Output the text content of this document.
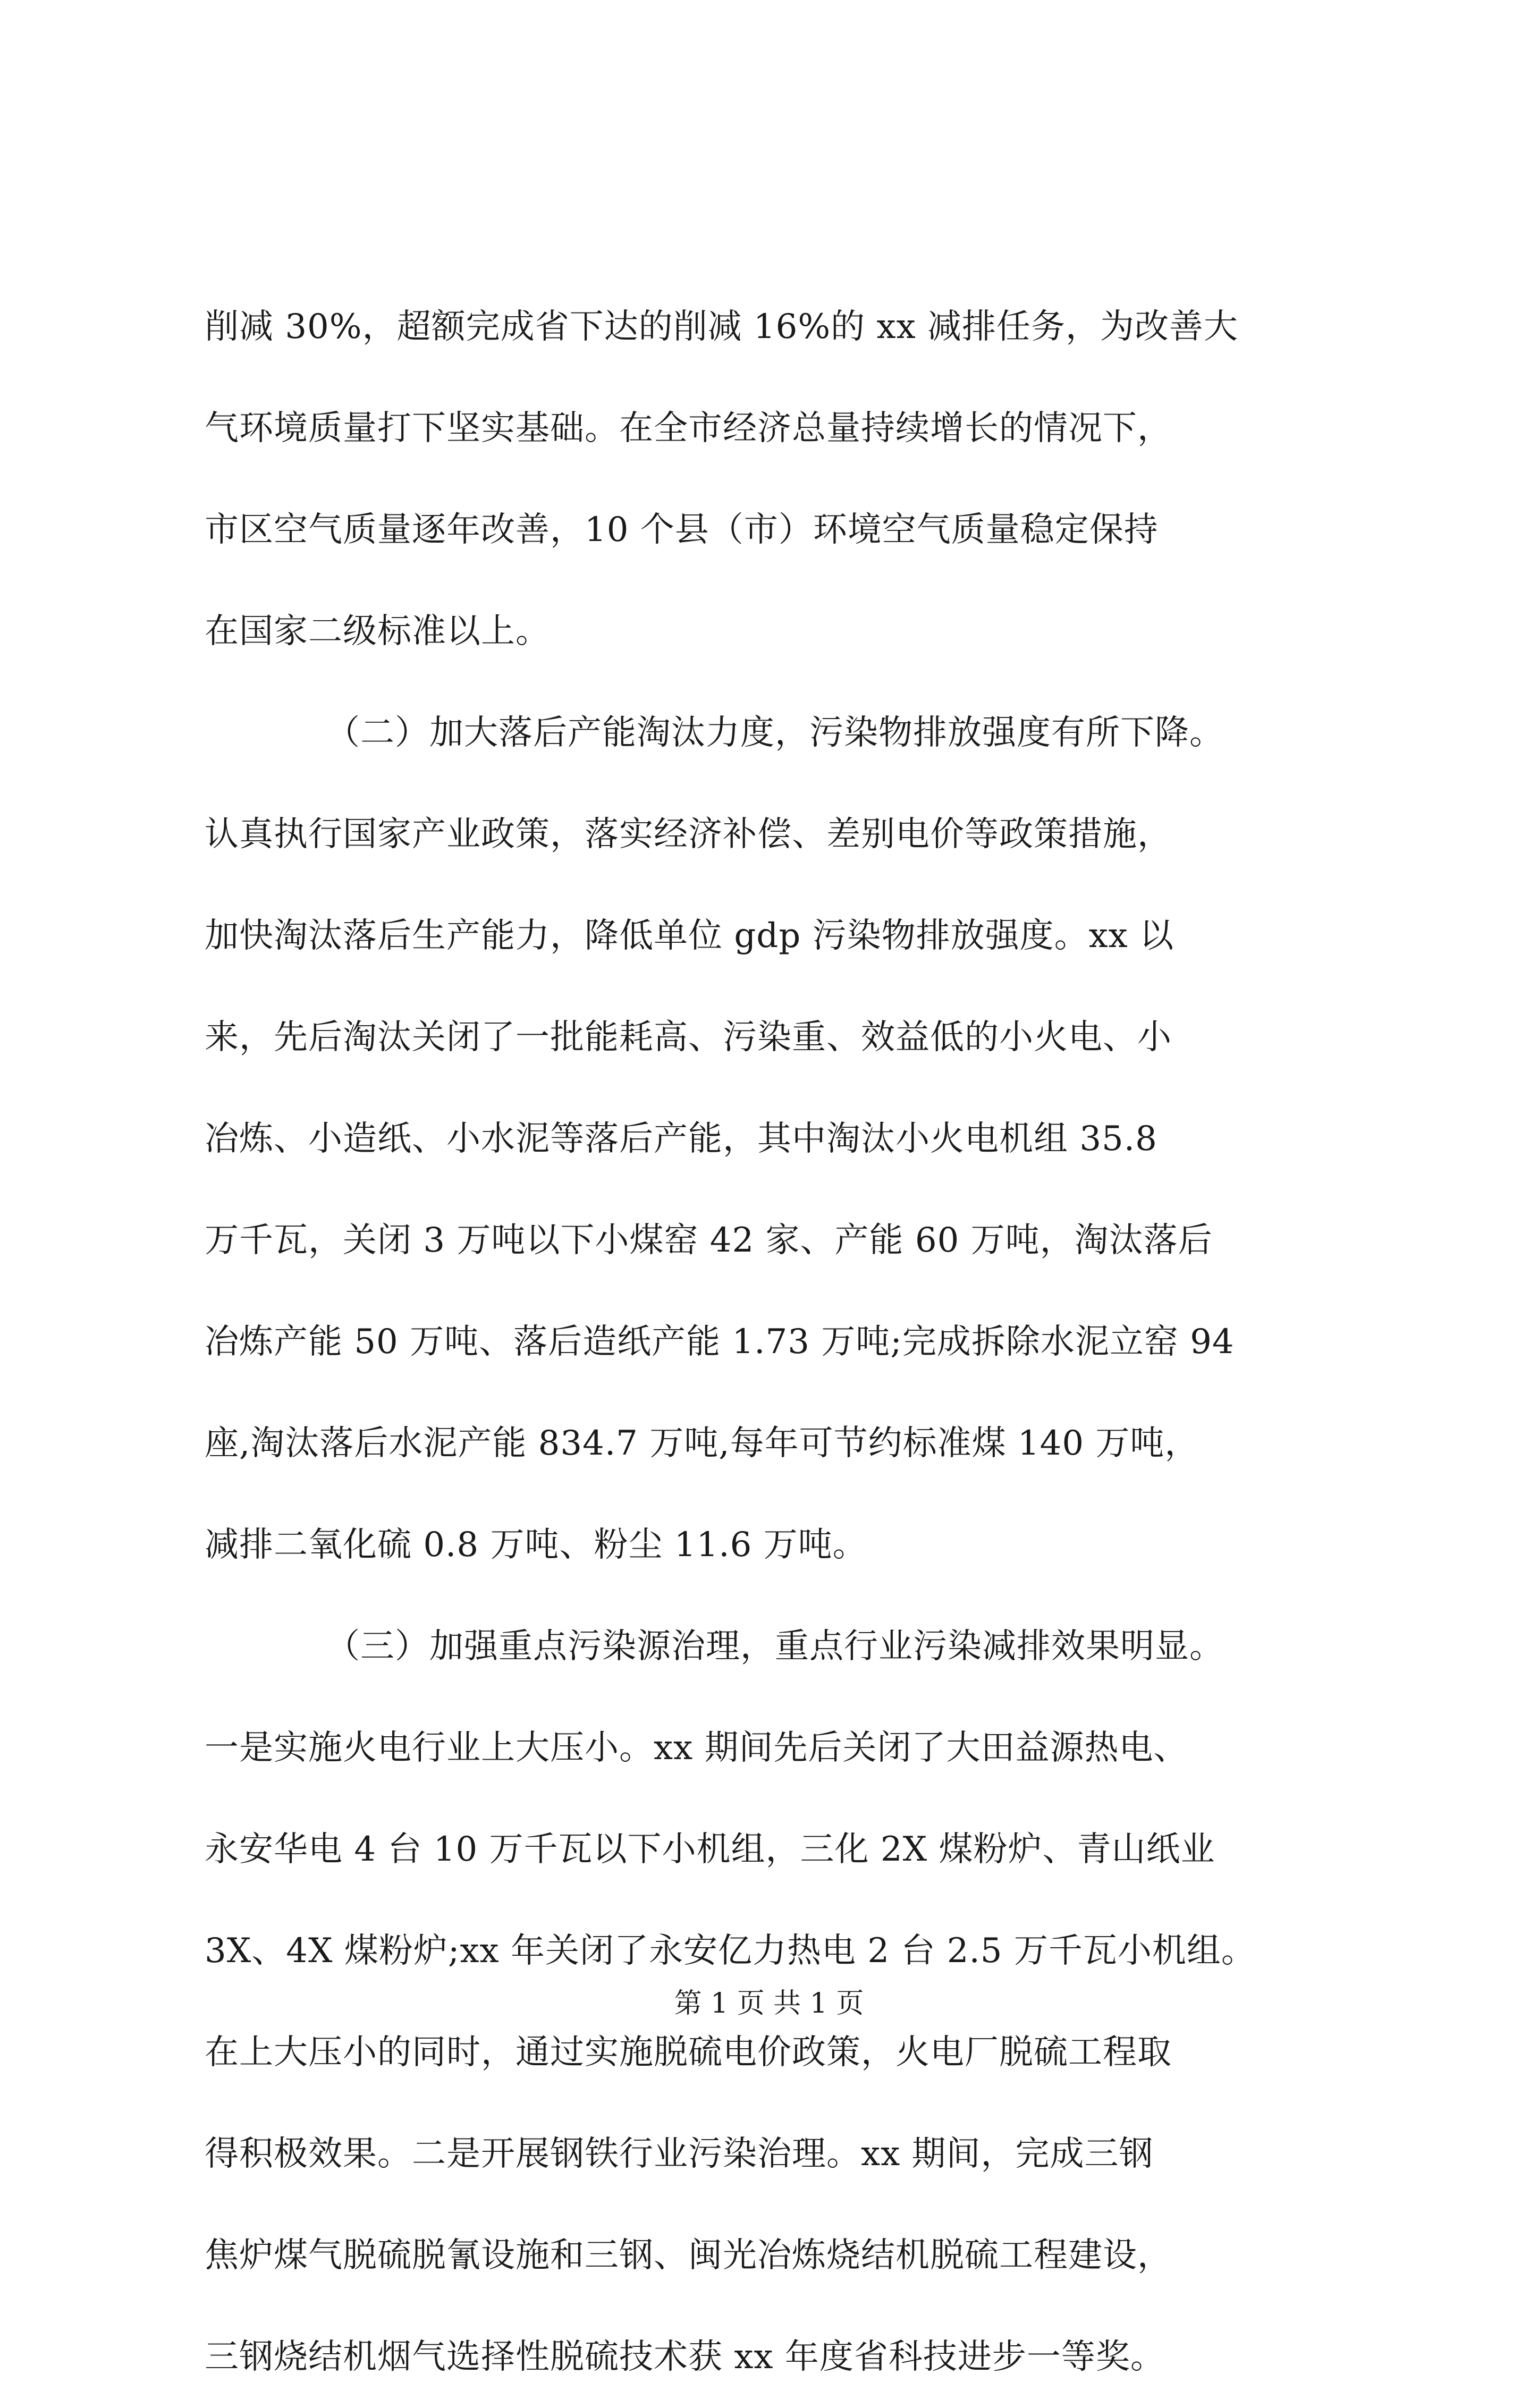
削减 30%，超额完成省下达的削减 16%的 xx 减排任务，为改善大
气环境质量打下坚实基础。在全市经济总量持续增长的情况下，
市区空气质量逐年改善，10 个县（市）环境空气质量稳定保持
在国家二级标准以上。
（二）加大落后产能淘汰力度，污染物排放强度有所下降。
认真执行国家产业政策，落实经济补偿、差别电价等政策措施，
加快淘汰落后生产能力，降低单位 gdp 污染物排放强度。xx 以
来，先后淘汰关闭了一批能耗高、污染重、效益低的小火电、小
冶炼、小造纸、小水泥等落后产能，其中淘汰小火电机组 35.8
万千瓦，关闭 3 万吨以下小煤窑 42 家、产能 60 万吨，淘汰落后
冶炼产能 50 万吨、落后造纸产能 1.73 万吨;完成拆除水泥立窑 94
座,淘汰落后水泥产能 834.7 万吨,每年可节约标准煤 140 万吨，
减排二氧化硫 0.8 万吨、粉尘 11.6 万吨。
（三）加强重点污染源治理，重点行业污染减排效果明显。
一是实施火电行业上大压小。xx 期间先后关闭了大田益源热电、
永安华电 4 台 10 万千瓦以下小机组，三化 2X 煤粉炉、青山纸业
3X、4X 煤粉炉;xx 年关闭了永安亿力热电 2 台 2.5 万千瓦小机组。
在上大压小的同时，通过实施脱硫电价政策，火电厂脱硫工程取
得积极效果。二是开展钢铁行业污染治理。xx 期间，完成三钢
焦炉煤气脱硫脱氰设施和三钢、闽光冶炼烧结机脱硫工程建设，
三钢烧结机烟气选择性脱硫技术获 xx 年度省科技进步一等奖。
第 1 页 共 1 页
